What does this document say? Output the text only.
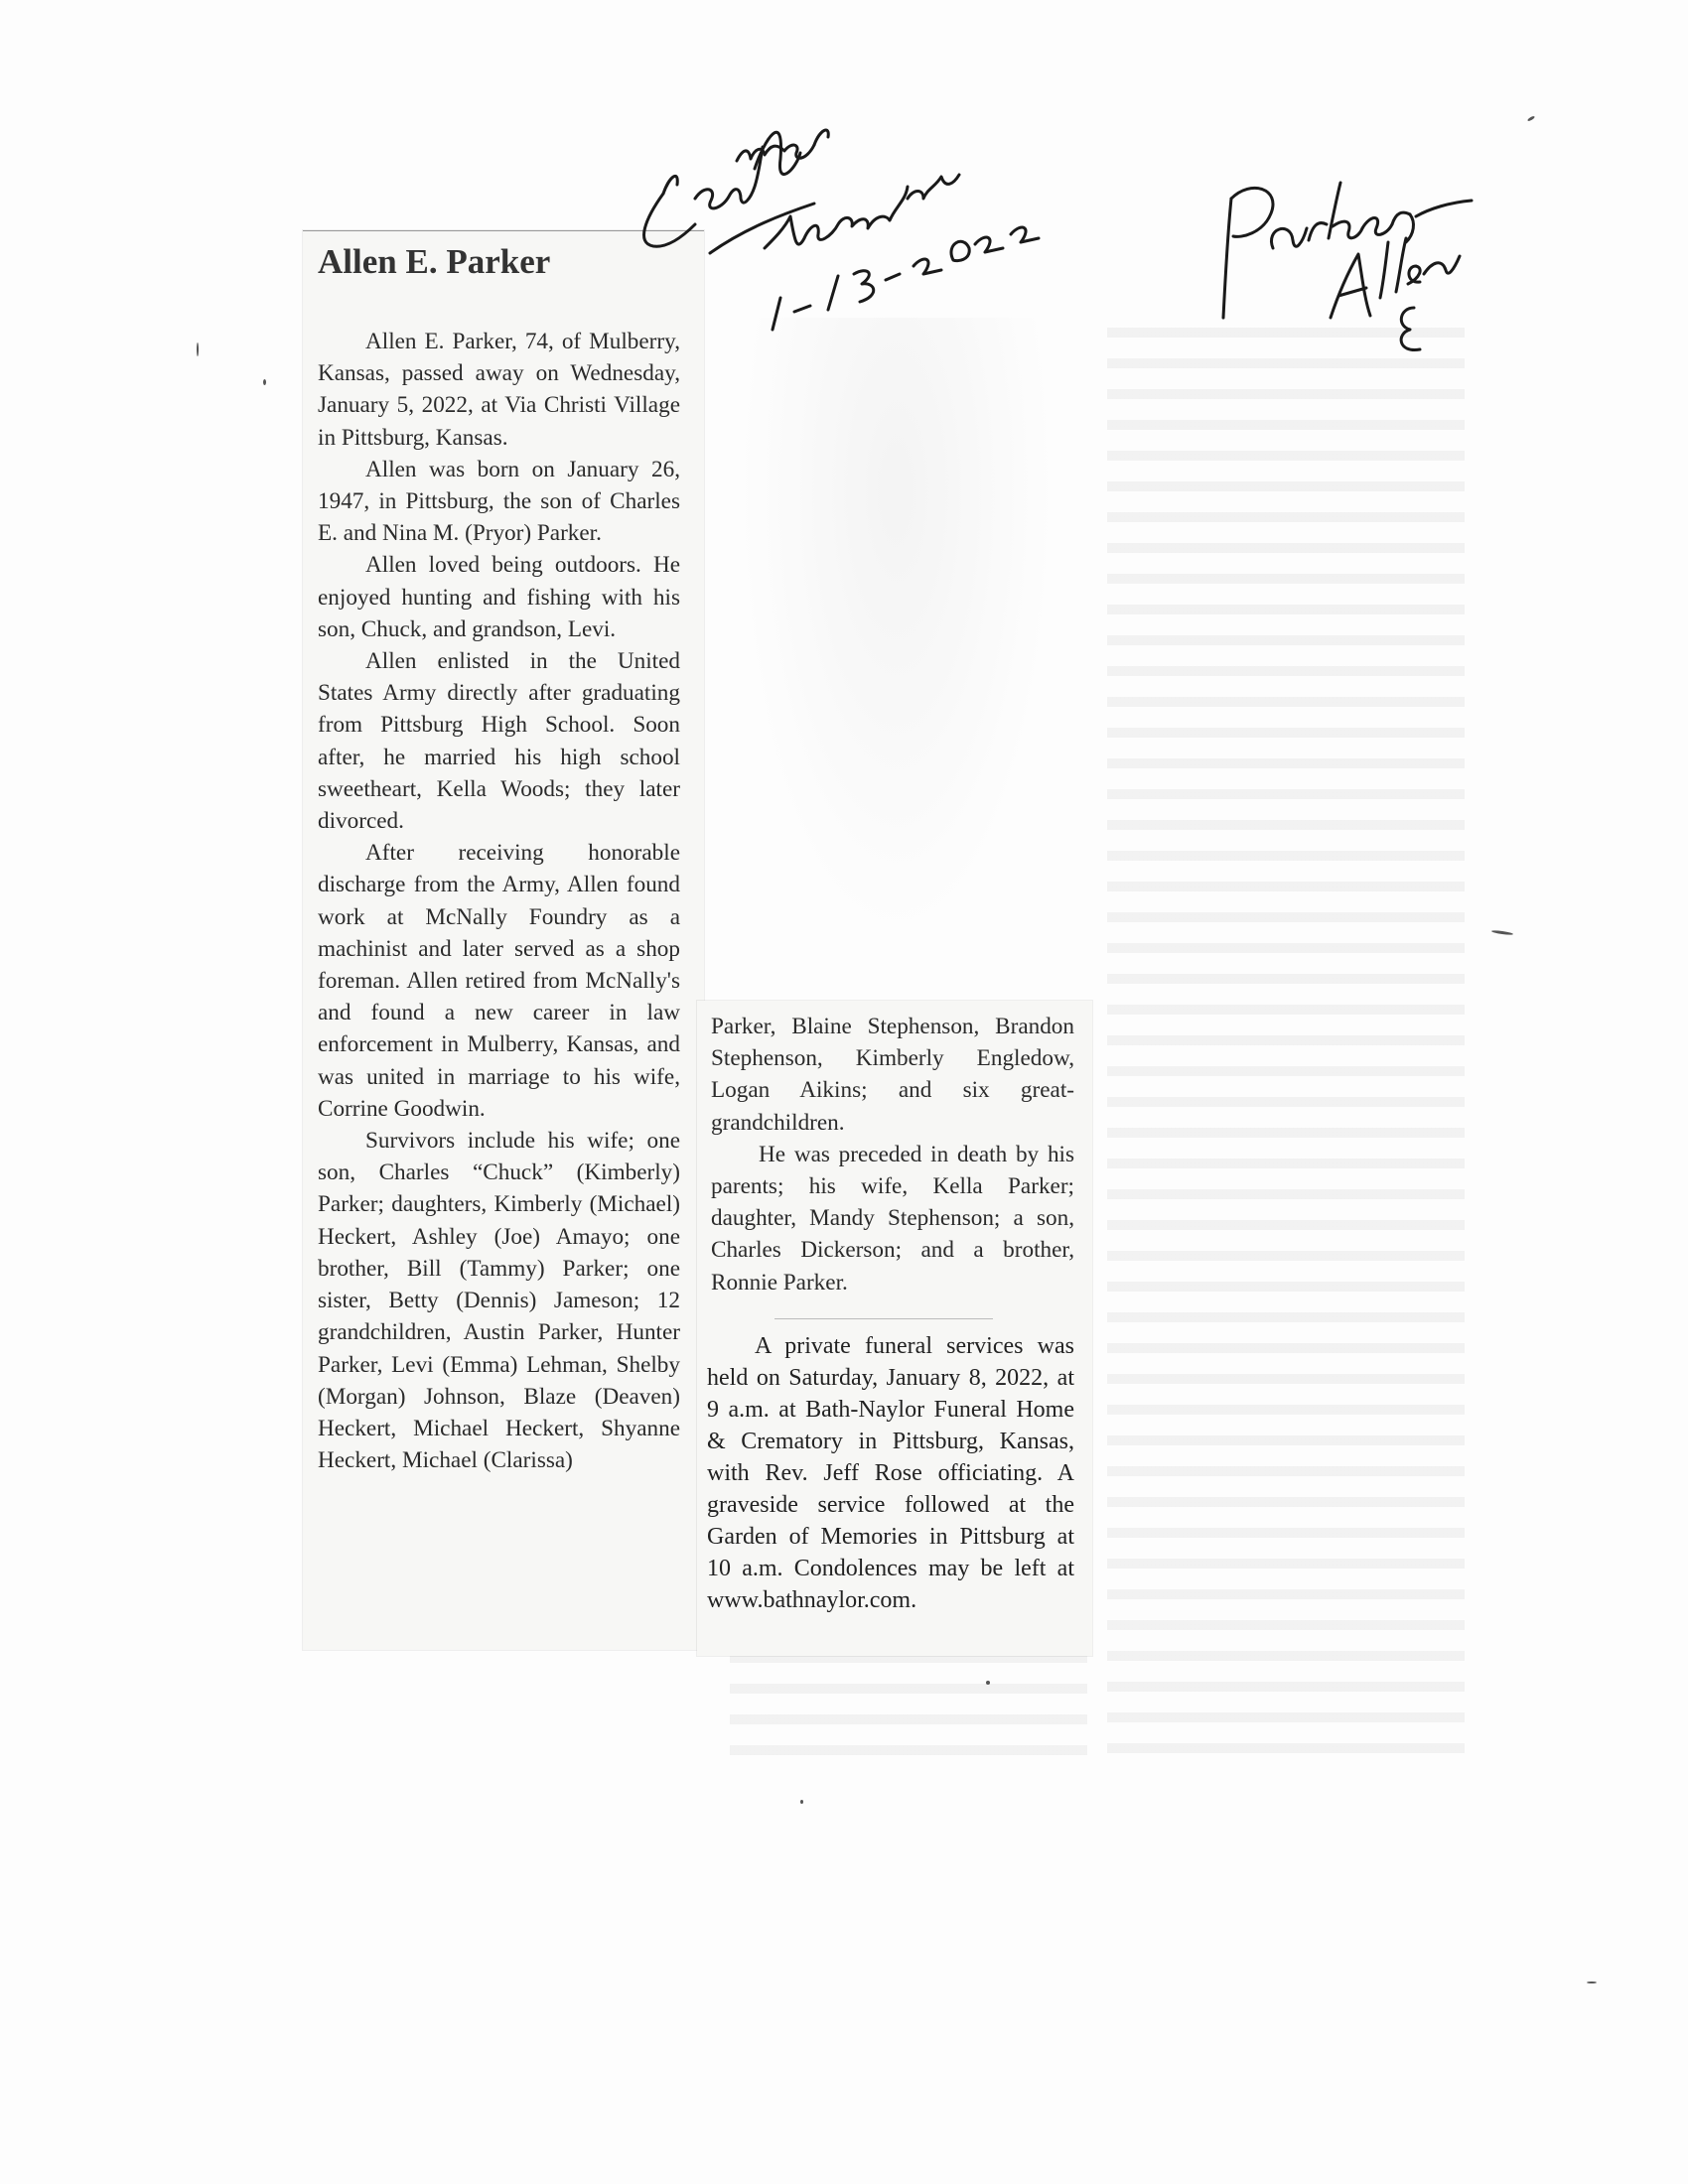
Allen E. Parker

Allen E. Parker, 74, of Mulberry, Kansas, passed away on Wednesday, January 5, 2022, at Via Christi Village in Pittsburg, Kansas.

Allen was born on January 26, 1947, in Pittsburg, the son of Charles E. and Nina M. (Pryor) Parker.

Allen loved being outdoors. He enjoyed hunting and fishing with his son, Chuck, and grandson, Levi.

Allen enlisted in the United States Army directly after graduating from Pittsburg High School. Soon after, he married his high school sweetheart, Kella Woods; they later divorced.

After receiving honorable discharge from the Army, Allen found work at McNally Foundry as a machinist and later served as a shop foreman. Allen retired from McNally's and found a new career in law enforcement in Mulberry, Kansas, and was united in marriage to his wife, Corrine Goodwin.

Survivors include his wife; one son, Charles “Chuck” (Kimberly) Parker; daughters, Kimberly (Michael) Heckert, Ashley (Joe) Amayo; one brother, Bill (Tammy) Parker; one sister, Betty (Dennis) Jameson; 12 grandchildren, Austin Parker, Hunter Parker, Levi (Emma) Lehman, Shelby (Morgan) Johnson, Blaze (Deaven) Heckert, Michael Heckert, Shyanne Heckert, Michael (Clarissa)

Parker, Blaine Stephenson, Brandon Stephenson, Kimberly Engledow, Logan Aikins; and six great-grandchildren.

He was preceded in death by his parents; his wife, Kella Parker; daughter, Mandy Stephenson; a son, Charles Dickerson; and a brother, Ronnie Parker.

A private funeral services was held on Saturday, January 8, 2022, at 9 a.m. at Bath-Naylor Funeral Home & Crematory in Pittsburg, Kansas, with Rev. Jeff Rose officiating. A graveside service followed at the Garden of Memories in Pittsburg at 10 a.m. Condolences may be left at www.bathnaylor.com.
